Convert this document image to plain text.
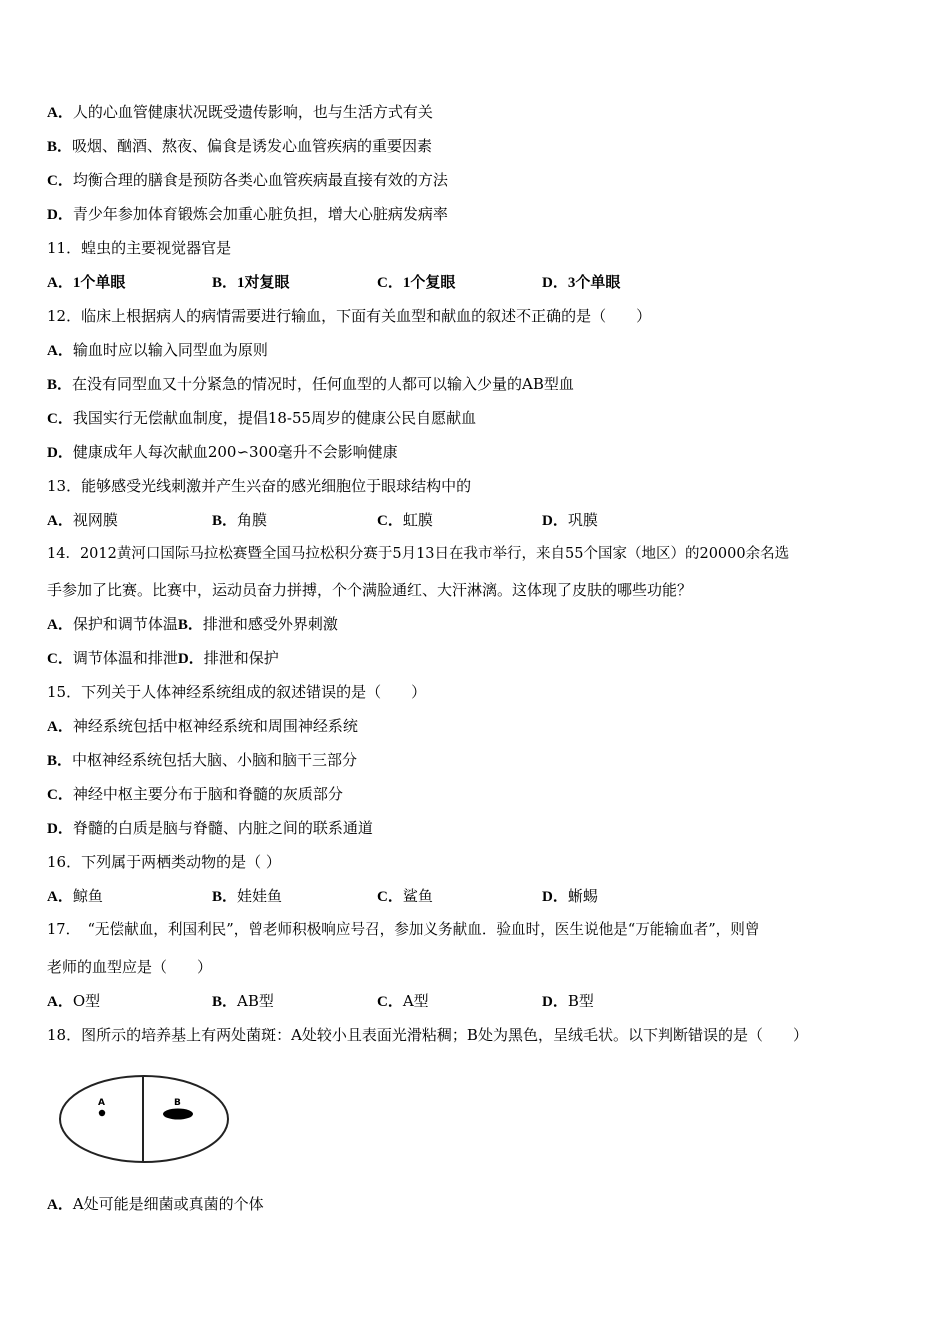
A．人的心血管健康状况既受遗传影响，也与生活方式有关
B．吸烟、酗酒、熬夜、偏食是诱发心血管疾病的重要因素
C．均衡合理的膳食是预防各类心血管疾病最直接有效的方法
D．青少年参加体育锻炼会加重心脏负担，增大心脏病发病率
11．蝗虫的主要视觉器官是
A．1个单眼	B．1对复眼	C．1个复眼	D．3个单眼
12．临床上根据病人的病情需要进行输血，下面有关血型和献血的叙述不正确的是（　　）
A．输血时应以输入同型血为原则
B．在没有同型血又十分紧急的情况时，任何血型的人都可以输入少量的AB型血
C．我国实行无偿献血制度，提倡18-55周岁的健康公民自愿献血
D．健康成年人每次献血200∽300毫升不会影响健康
13．能够感受光线刺激并产生兴奋的感光细胞位于眼球结构中的
A．视网膜	B．角膜	C．虹膜	D．巩膜
14．2012黄河口国际马拉松赛暨全国马拉松积分赛于5月13日在我市举行，来自55个国家（地区）的20000余名选
手参加了比赛。比赛中，运动员奋力拼搏，个个满脸通红、大汗淋漓。这体现了皮肤的哪些功能？
A．保护和调节体温B．排泄和感受外界刺激
C．调节体温和排泄D．排泄和保护
15．下列关于人体神经系统组成的叙述错误的是（　　）
A．神经系统包括中枢神经系统和周围神经系统
B．中枢神经系统包括大脑、小脑和脑干三部分
C．神经中枢主要分布于脑和脊髓的灰质部分
D．脊髓的白质是脑与脊髓、内脏之间的联系通道
16．下列属于两栖类动物的是（ ）
A．鲸鱼	B．娃娃鱼	C．鲨鱼	D．蜥蜴
17．　“无偿献血，利国利民”，曾老师积极响应号召，参加义务献血．验血时，医生说他是“万能输血者”，则曾
老师的血型应是（　　）
A．O型	B．AB型	C．A型	D．B型
18．图所示的培养基上有两处菌斑：A处较小且表面光滑粘稠；B处为黑色，呈绒毛状。以下判断错误的是（　　）
A	B
A．A处可能是细菌或真菌的个体
